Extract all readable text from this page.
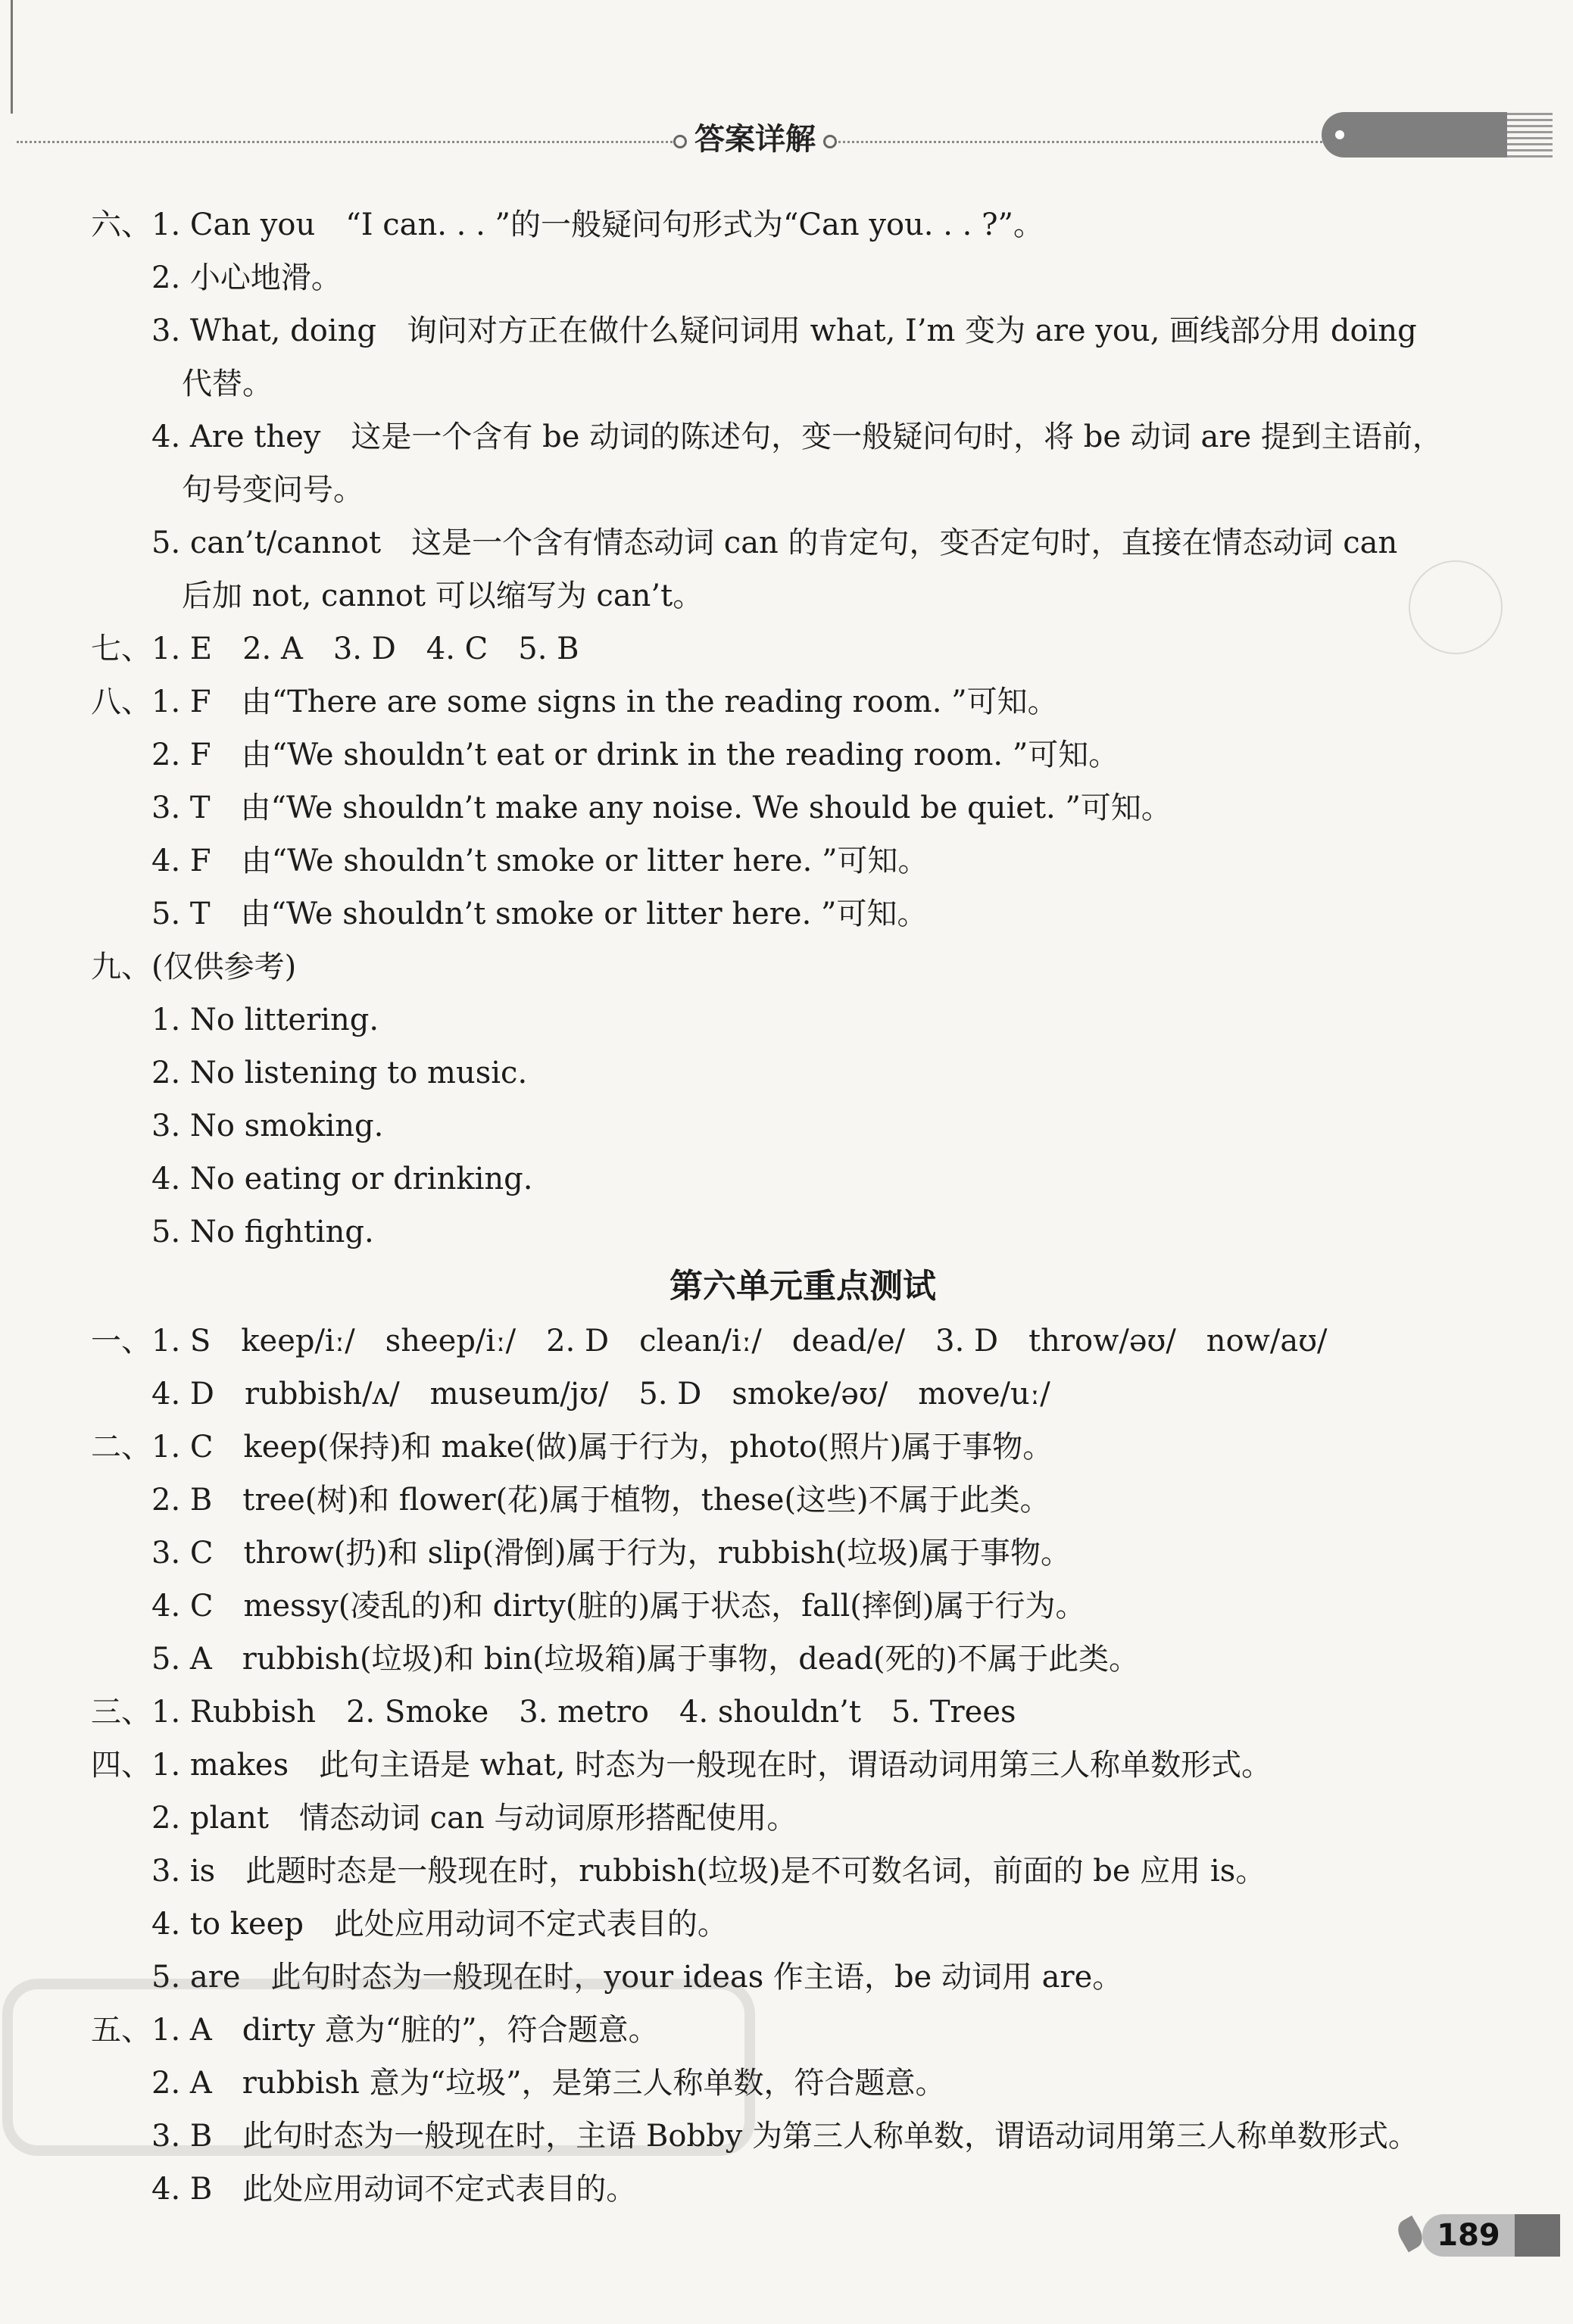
答案详解
六、1. Can you　“I can. . . ”的一般疑问句形式为“Can you. . . ?”。
2. 小心地滑。
3. What, doing　询问对方正在做什么疑问词用 what, I’m 变为 are you, 画线部分用 doing
代替。
4. Are they　这是一个含有 be 动词的陈述句，变一般疑问句时，将 be 动词 are 提到主语前，
句号变问号。
5. can’t/cannot　这是一个含有情态动词 can 的肯定句，变否定句时，直接在情态动词 can
后加 not, cannot 可以缩写为 can’t。
七、1. E　2. A　3. D　4. C　5. B
八、1. F　由“There are some signs in the reading room. ”可知。
2. F　由“We shouldn’t eat or drink in the reading room. ”可知。
3. T　由“We shouldn’t make any noise. We should be quiet. ”可知。
4. F　由“We shouldn’t smoke or litter here. ”可知。
5. T　由“We shouldn’t smoke or litter here. ”可知。
九、(仅供参考)
1. No littering.
2. No listening to music.
3. No smoking.
4. No eating or drinking.
5. No fighting.
第六单元重点测试
一、1. S　keep/iː/　sheep/iː/　2. D　clean/iː/　dead/e/　3. D　throw/əʊ/　now/aʊ/
4. D　rubbish/ʌ/　museum/jʊ/　5. D　smoke/əʊ/　move/uː/
二、1. C　keep(保持)和 make(做)属于行为，photo(照片)属于事物。
2. B　tree(树)和 flower(花)属于植物，these(这些)不属于此类。
3. C　throw(扔)和 slip(滑倒)属于行为，rubbish(垃圾)属于事物。
4. C　messy(凌乱的)和 dirty(脏的)属于状态，fall(摔倒)属于行为。
5. A　rubbish(垃圾)和 bin(垃圾箱)属于事物，dead(死的)不属于此类。
三、1. Rubbish　2. Smoke　3. metro　4. shouldn’t　5. Trees
四、1. makes　此句主语是 what, 时态为一般现在时，谓语动词用第三人称单数形式。
2. plant　情态动词 can 与动词原形搭配使用。
3. is　此题时态是一般现在时，rubbish(垃圾)是不可数名词，前面的 be 应用 is。
4. to keep　此处应用动词不定式表目的。
5. are　此句时态为一般现在时，your ideas 作主语，be 动词用 are。
五、1. A　dirty 意为“脏的”，符合题意。
2. A　rubbish 意为“垃圾”，是第三人称单数，符合题意。
3. B　此句时态为一般现在时，主语 Bobby 为第三人称单数，谓语动词用第三人称单数形式。
4. B　此处应用动词不定式表目的。
189
